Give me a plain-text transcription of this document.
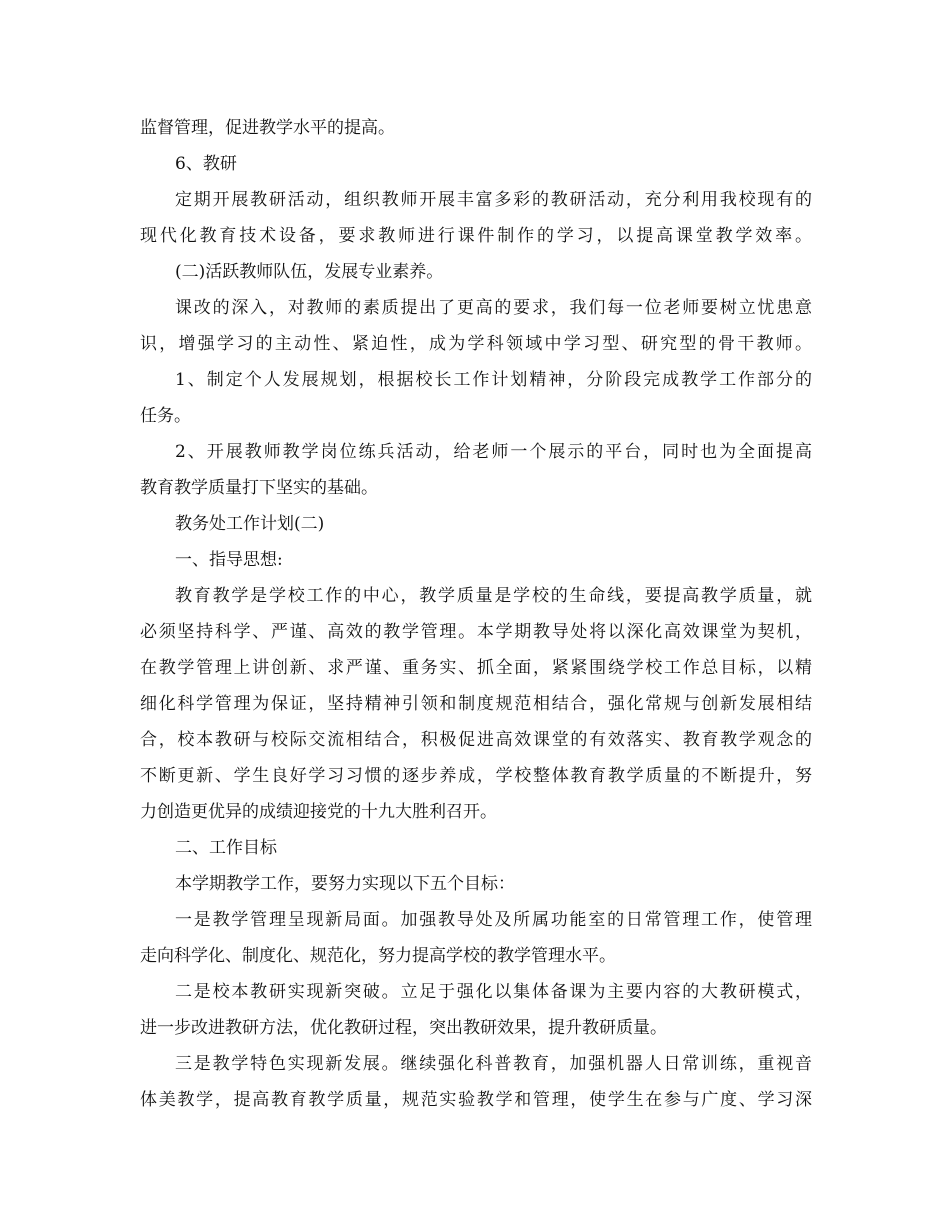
监督管理，促进教学水平的提高。
6、教研
定期开展教研活动，组织教师开展丰富多彩的教研活动，充分利用我校现有的
现代化教育技术设备，要求教师进行课件制作的学习，以提高课堂教学效率。
(二)活跃教师队伍，发展专业素养。
课改的深入，对教师的素质提出了更高的要求，我们每一位老师要树立忧患意
识，增强学习的主动性、紧迫性，成为学科领域中学习型、研究型的骨干教师。
1、制定个人发展规划，根据校长工作计划精神，分阶段完成教学工作部分的
任务。
2、开展教师教学岗位练兵活动，给老师一个展示的平台，同时也为全面提高
教育教学质量打下坚实的基础。
教务处工作计划(二)
一、指导思想:
教育教学是学校工作的中心，教学质量是学校的生命线，要提高教学质量，就
必须坚持科学、严谨、高效的教学管理。本学期教导处将以深化高效课堂为契机，
在教学管理上讲创新、求严谨、重务实、抓全面，紧紧围绕学校工作总目标，以精
细化科学管理为保证，坚持精神引领和制度规范相结合，强化常规与创新发展相结
合，校本教研与校际交流相结合，积极促进高效课堂的有效落实、教育教学观念的
不断更新、学生良好学习习惯的逐步养成，学校整体教育教学质量的不断提升，努
力创造更优异的成绩迎接党的十九大胜利召开。
二、工作目标
本学期教学工作，要努力实现以下五个目标：
一是教学管理呈现新局面。加强教导处及所属功能室的日常管理工作，使管理
走向科学化、制度化、规范化，努力提高学校的教学管理水平。
二是校本教研实现新突破。立足于强化以集体备课为主要内容的大教研模式，
进一步改进教研方法，优化教研过程，突出教研效果，提升教研质量。
三是教学特色实现新发展。继续强化科普教育，加强机器人日常训练，重视音
体美教学，提高教育教学质量，规范实验教学和管理，使学生在参与广度、学习深
